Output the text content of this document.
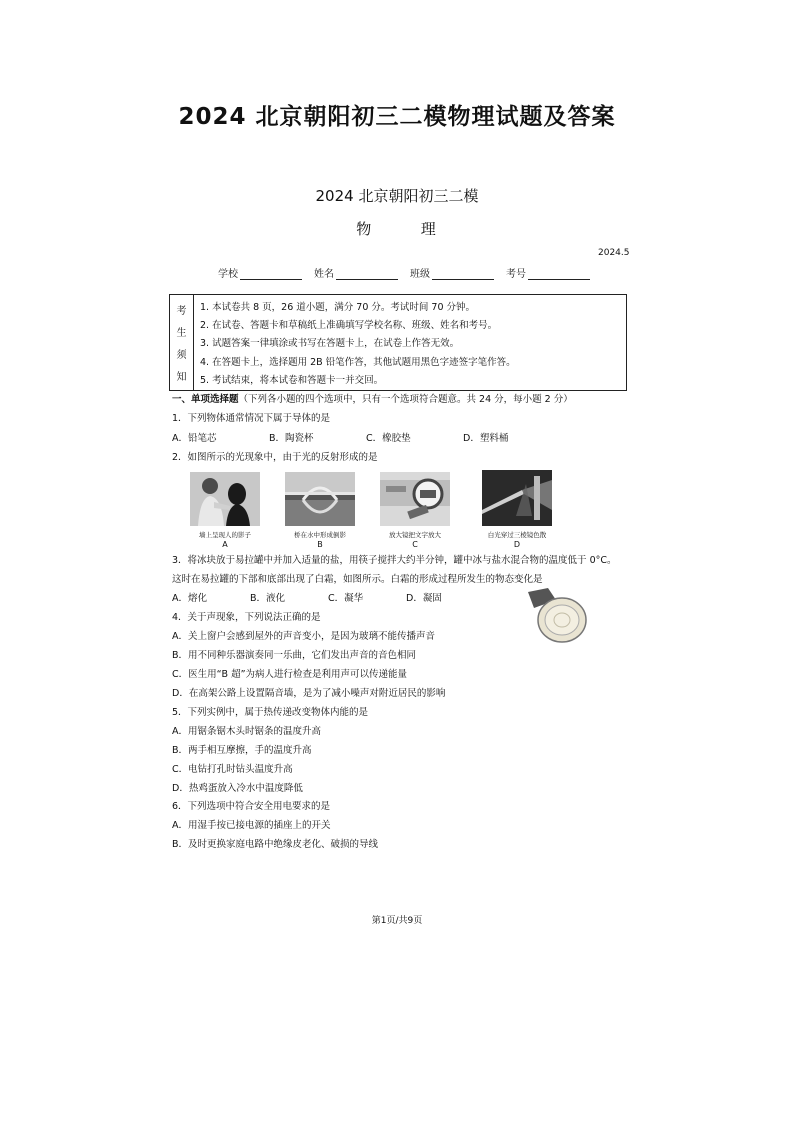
2024 北京朝阳初三二模物理试题及答案
2024 北京朝阳初三二模
物	理
2024.5
学校	姓名	班级	考号
考
生
须
知
1. 本试卷共 8 页，26 道小题，满分 70 分。考试时间 70 分钟。
2. 在试卷、答题卡和草稿纸上准确填写学校名称、班级、姓名和考号。
3. 试题答案一律填涂或书写在答题卡上，在试卷上作答无效。
4. 在答题卡上，选择题用 2B 铅笔作答，其他试题用黑色字迹签字笔作答。
5. 考试结束，将本试卷和答题卡一并交回。
一、单项选择题（下列各小题的四个选项中，只有一个选项符合题意。共 24 分，每小题 2 分）
1．下列物体通常情况下属于导体的是
A．铅笔芯	B．陶瓷杯	C．橡胶垫	D．塑料桶
2．如图所示的光现象中，由于光的反射形成的是
墙上呈现人的影子
A
桥在水中形成倒影
B
放大镜把文字放大
C
白光穿过三棱镜色散
D
3．将冰块放于易拉罐中并加入适量的盐，用筷子搅拌大约半分钟，罐中冰与盐水混合物的温度低于 0°C。
这时在易拉罐的下部和底部出现了白霜，如图所示。白霜的形成过程所发生的物态变化是
A．熔化	B．液化	C．凝华	D．凝固
4．关于声现象，下列说法正确的是
A．关上窗户会感到屋外的声音变小，是因为玻璃不能传播声音
B．用不同种乐器演奏同一乐曲，它们发出声音的音色相同
C．医生用“B 超”为病人进行检查是利用声可以传递能量
D．在高架公路上设置隔音墙，是为了减小噪声对附近居民的影响
5．下列实例中，属于热传递改变物体内能的是
A．用锯条锯木头时锯条的温度升高
B．两手相互摩擦，手的温度升高
C．电钻打孔时钻头温度升高
D．热鸡蛋放入冷水中温度降低
6．下列选项中符合安全用电要求的是
A．用湿手按已接电源的插座上的开关
B．及时更换家庭电路中绝缘皮老化、破损的导线
第1页/共9页
